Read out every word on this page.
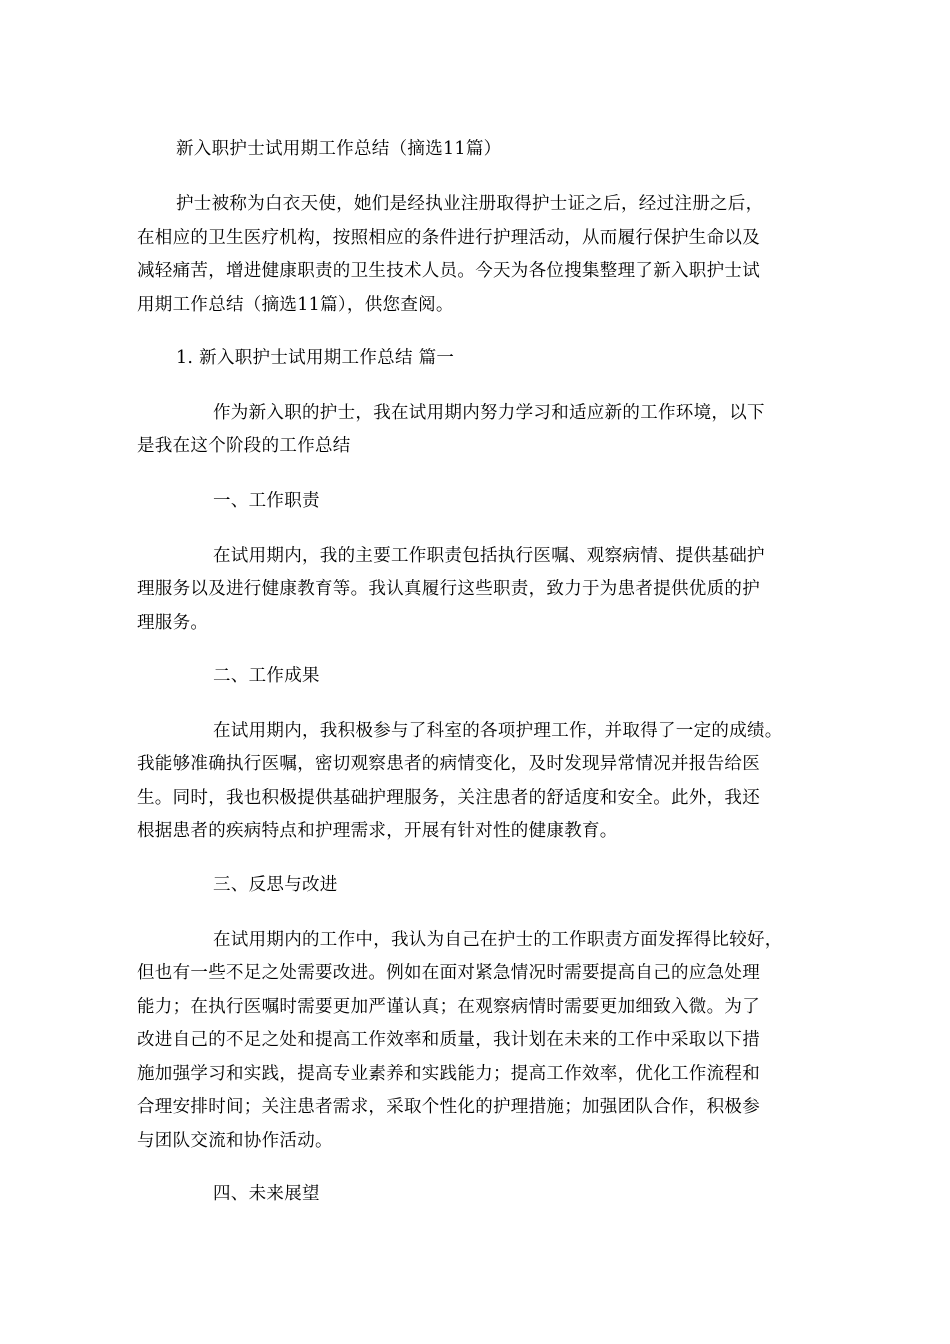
新入职护士试用期工作总结（摘选11篇）
护士被称为白衣天使，她们是经执业注册取得护士证之后，经过注册之后，
在相应的卫生医疗机构，按照相应的条件进行护理活动，从而履行保护生命以及
减轻痛苦，增进健康职责的卫生技术人员。今天为各位搜集整理了新入职护士试
用期工作总结（摘选11篇），供您查阅。
1. 新入职护士试用期工作总结 篇一
作为新入职的护士，我在试用期内努力学习和适应新的工作环境，以下
是我在这个阶段的工作总结
一、工作职责
在试用期内，我的主要工作职责包括执行医嘱、观察病情、提供基础护
理服务以及进行健康教育等。我认真履行这些职责，致力于为患者提供优质的护
理服务。
二、工作成果
在试用期内，我积极参与了科室的各项护理工作，并取得了一定的成绩。
我能够准确执行医嘱，密切观察患者的病情变化，及时发现异常情况并报告给医
生。同时，我也积极提供基础护理服务，关注患者的舒适度和安全。此外，我还
根据患者的疾病特点和护理需求，开展有针对性的健康教育。
三、反思与改进
在试用期内的工作中，我认为自己在护士的工作职责方面发挥得比较好，
但也有一些不足之处需要改进。例如在面对紧急情况时需要提高自己的应急处理
能力；在执行医嘱时需要更加严谨认真；在观察病情时需要更加细致入微。为了
改进自己的不足之处和提高工作效率和质量，我计划在未来的工作中采取以下措
施加强学习和实践，提高专业素养和实践能力；提高工作效率，优化工作流程和
合理安排时间；关注患者需求，采取个性化的护理措施；加强团队合作，积极参
与团队交流和协作活动。
四、未来展望
